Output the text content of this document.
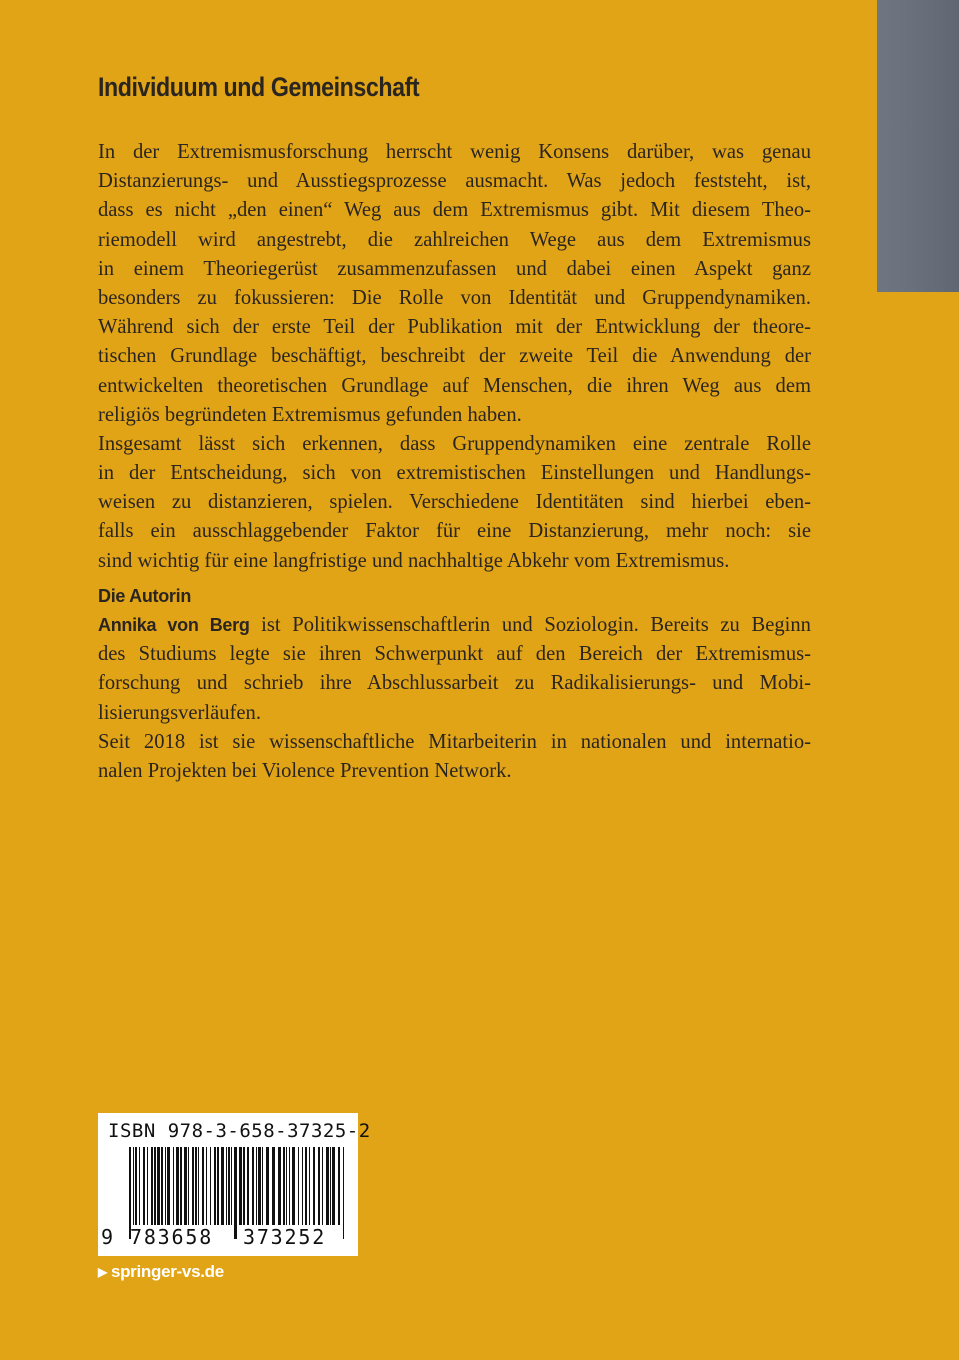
Individuum und Gemeinschaft
In der Extremismusforschung herrscht wenig Konsens darüber, was genau
Distanzierungs- und Ausstiegsprozesse ausmacht. Was jedoch feststeht, ist,
dass es nicht „den einen“ Weg aus dem Extremismus gibt. Mit diesem Theo-
riemodell wird angestrebt, die zahlreichen Wege aus dem Extremismus
in einem Theoriegerüst zusammenzufassen und dabei einen Aspekt ganz
besonders zu fokussieren: Die Rolle von Identität und Gruppendynamiken.
Während sich der erste Teil der Publikation mit der Entwicklung der theore-
tischen Grundlage beschäftigt, beschreibt der zweite Teil die Anwendung der
entwickelten theoretischen Grundlage auf Menschen, die ihren Weg aus dem
religiös begründeten Extremismus gefunden haben.
Insgesamt lässt sich erkennen, dass Gruppendynamiken eine zentrale Rolle
in der Entscheidung, sich von extremistischen Einstellungen und Handlungs-
weisen zu distanzieren, spielen. Verschiedene Identitäten sind hierbei eben-
falls ein ausschlaggebender Faktor für eine Distanzierung, mehr noch: sie
sind wichtig für eine langfristige und nachhaltige Abkehr vom Extremismus.
Die Autorin
Annika von Berg ist Politikwissenschaftlerin und Soziologin. Bereits zu Beginn
des Studiums legte sie ihren Schwerpunkt auf den Bereich der Extremismus-
forschung und schrieb ihre Abschlussarbeit zu Radikalisierungs- und Mobi-
lisierungsverläufen.
Seit 2018 ist sie wissenschaftliche Mitarbeiterin in nationalen und internatio-
nalen Projekten bei Violence Prevention Network.
ISBN 978-3-658-37325-2
9 783658	373252
▶ springer-vs.de
